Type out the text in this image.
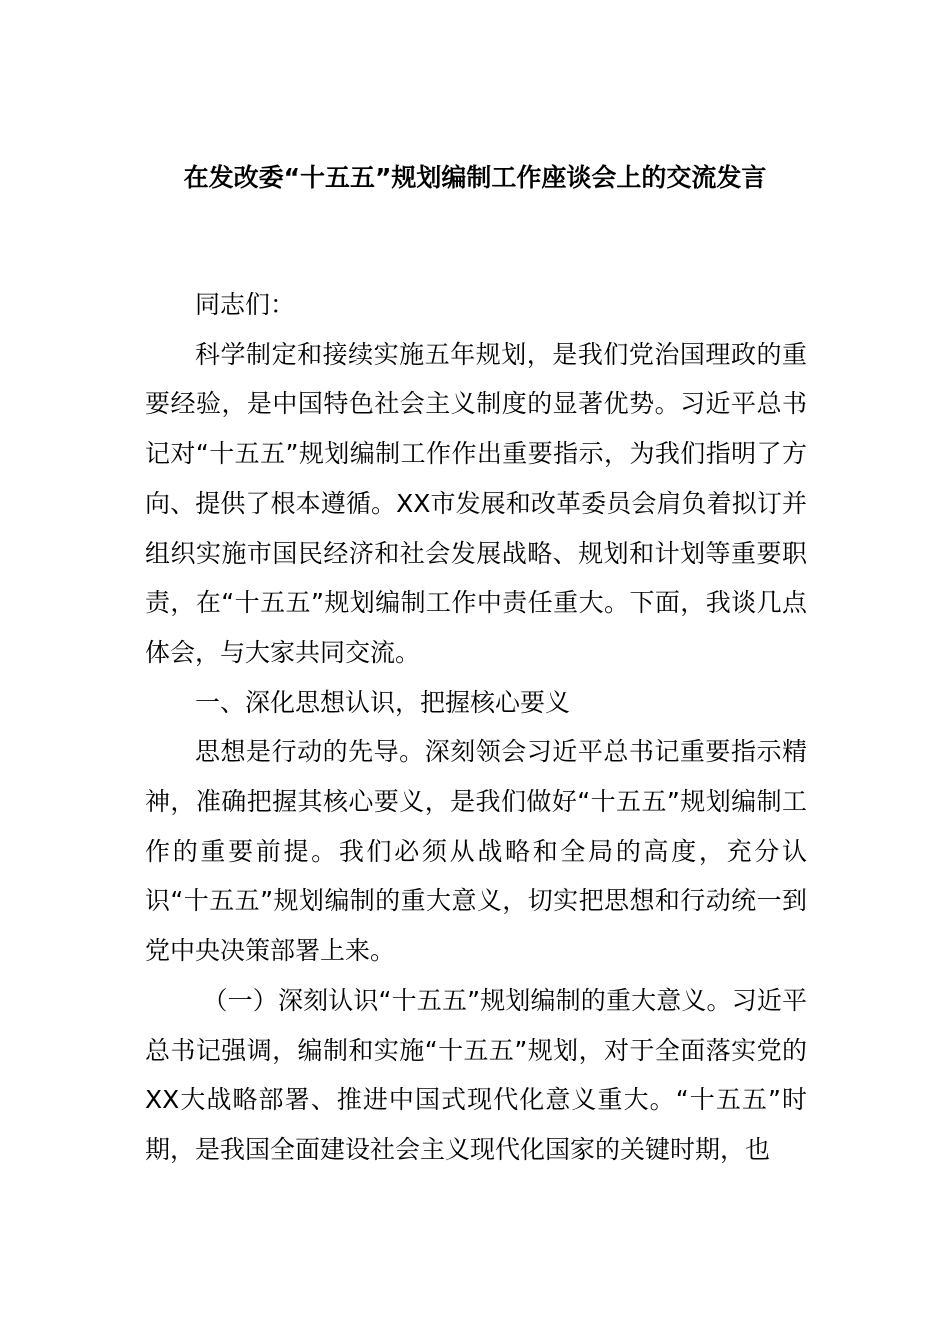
在发改委“十五五”规划编制工作座谈会上的交流发言

同志们：

科学制定和接续实施五年规划，是我们党治国理政的重要经验，是中国特色社会主义制度的显著优势。习近平总书记对“十五五”规划编制工作作出重要指示，为我们指明了方向、提供了根本遵循。XX市发展和改革委员会肩负着拟订并组织实施市国民经济和社会发展战略、规划和计划等重要职责，在“十五五”规划编制工作中责任重大。下面，我谈几点体会，与大家共同交流。

一、深化思想认识，把握核心要义

思想是行动的先导。深刻领会习近平总书记重要指示精神，准确把握其核心要义，是我们做好“十五五”规划编制工作的重要前提。我们必须从战略和全局的高度，充分认识“十五五”规划编制的重大意义，切实把思想和行动统一到党中央决策部署上来。

（一）深刻认识“十五五”规划编制的重大意义。习近平总书记强调，编制和实施“十五五”规划，对于全面落实党的XX大战略部署、推进中国式现代化意义重大。“十五五”时期，是我国全面建设社会主义现代化国家的关键时期，也
